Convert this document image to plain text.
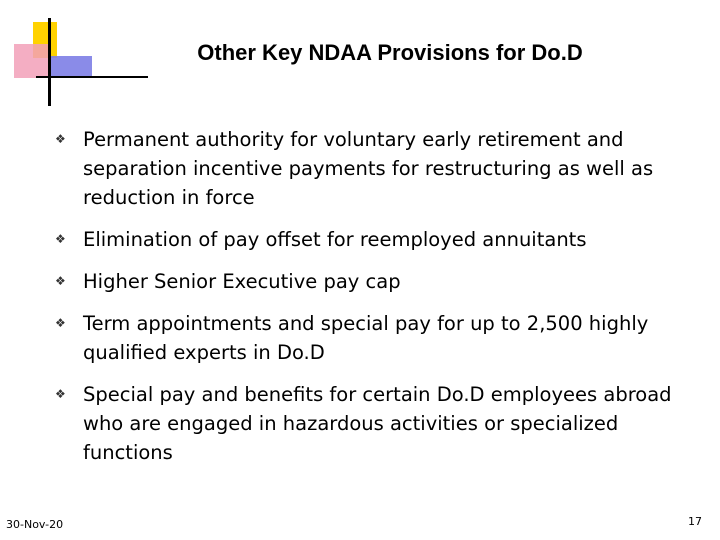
Other Key NDAA Provisions for Do.D
❖ Permanent authority for voluntary early retirement and separation incentive payments for restructuring as well as reduction in force
❖ Elimination of pay offset for reemployed annuitants
❖ Higher Senior Executive pay cap
❖ Term appointments and special pay for up to 2,500 highly qualified experts in Do.D
❖ Special pay and benefits for certain Do.D employees abroad who are engaged in hazardous activities or specialized functions
30-Nov-20	17
